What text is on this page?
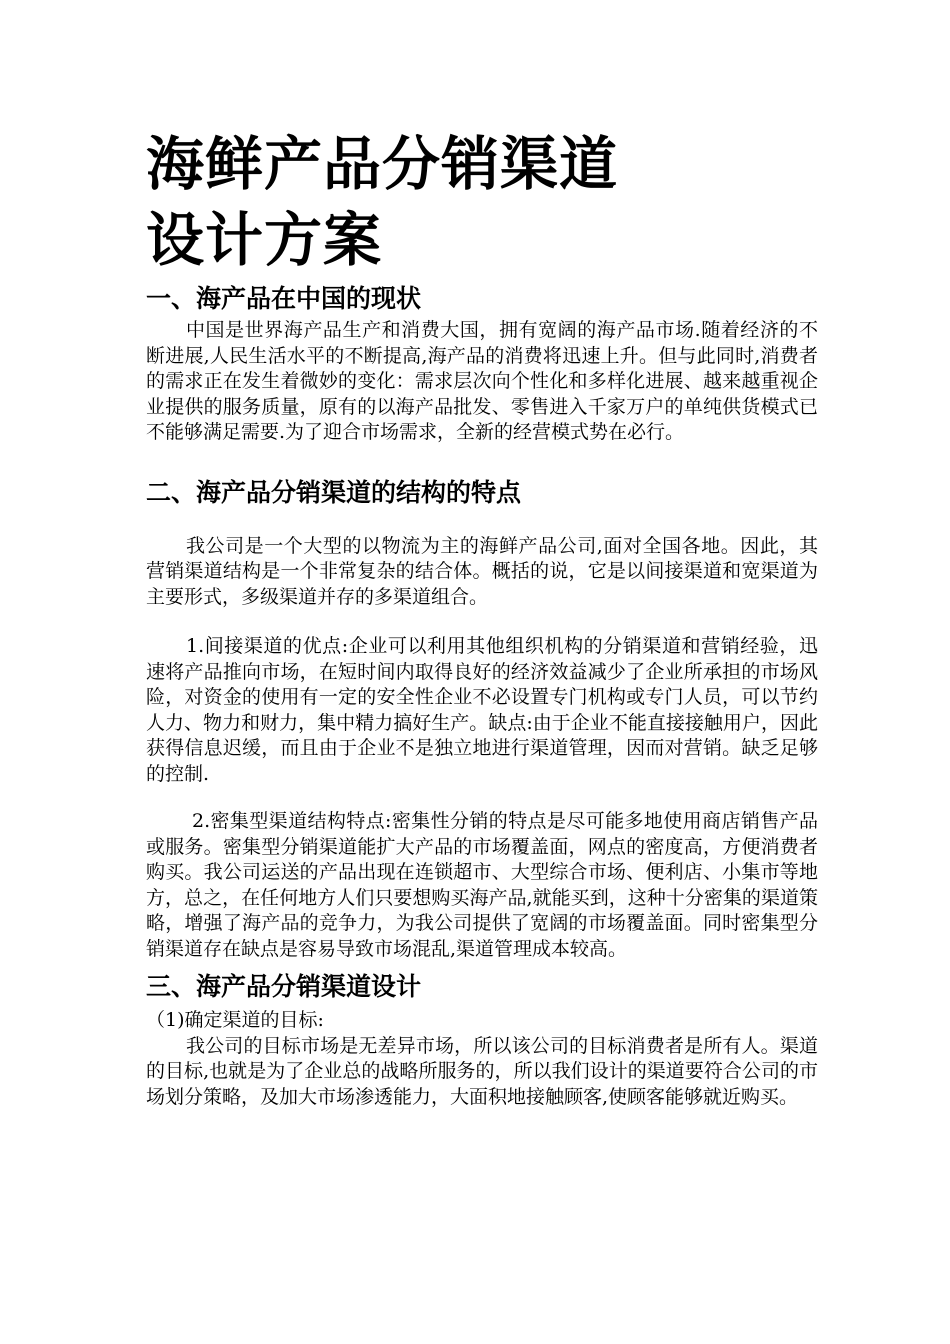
海鲜产品分销渠道
设计方案
一、海产品在中国的现状

中国是世界海产品生产和消费大国，拥有宽阔的海产品市场.随着经济的不断进展,人民生活水平的不断提高,海产品的消费将迅速上升。但与此同时,消费者的需求正在发生着微妙的变化：需求层次向个性化和多样化进展、越来越重视企业提供的服务质量，原有的以海产品批发、零售进入千家万户的单纯供货模式已不能够满足需要.为了迎合市场需求，全新的经营模式势在必行。

二、海产品分销渠道的结构的特点

我公司是一个大型的以物流为主的海鲜产品公司,面对全国各地。因此，其营销渠道结构是一个非常复杂的结合体。概括的说，它是以间接渠道和宽渠道为主要形式，多级渠道并存的多渠道组合。

1.间接渠道的优点:企业可以利用其他组织机构的分销渠道和营销经验，迅速将产品推向市场，在短时间内取得良好的经济效益减少了企业所承担的市场风险，对资金的使用有一定的安全性企业不必设置专门机构或专门人员，可以节约人力、物力和财力，集中精力搞好生产。缺点:由于企业不能直接接触用户，因此获得信息迟缓，而且由于企业不是独立地进行渠道管理，因而对营销。缺乏足够的控制.

2.密集型渠道结构特点:密集性分销的特点是尽可能多地使用商店销售产品或服务。密集型分销渠道能扩大产品的市场覆盖面，网点的密度高，方便消费者购买。我公司运送的产品出现在连锁超市、大型综合市场、便利店、小集市等地方，总之，在任何地方人们只要想购买海产品,就能买到，这种十分密集的渠道策略，增强了海产品的竞争力，为我公司提供了宽阔的市场覆盖面。同时密集型分销渠道存在缺点是容易导致市场混乱,渠道管理成本较高。

三、海产品分销渠道设计

（1)确定渠道的目标:

我公司的目标市场是无差异市场，所以该公司的目标消费者是所有人。渠道的目标,也就是为了企业总的战略所服务的，所以我们设计的渠道要符合公司的市场划分策略，及加大市场渗透能力，大面积地接触顾客,使顾客能够就近购买。
